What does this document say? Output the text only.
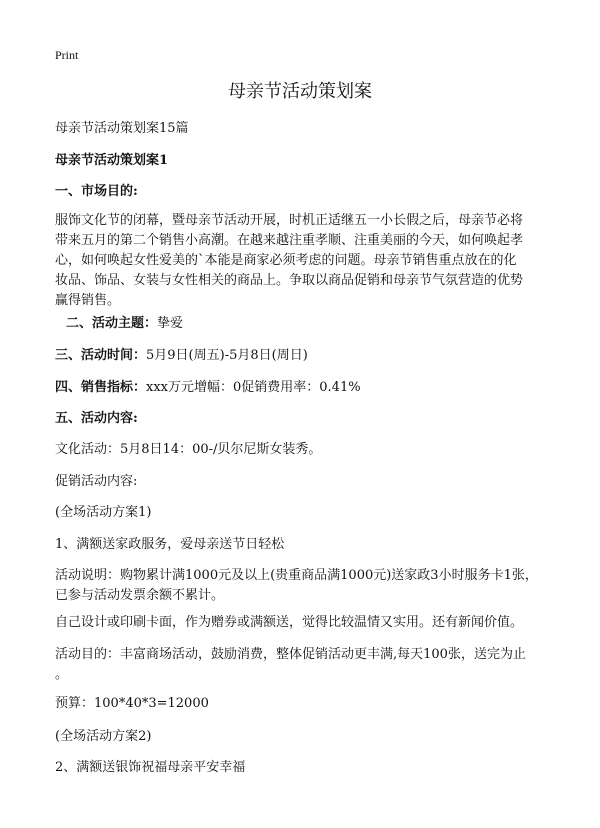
Print

母亲节活动策划案

母亲节活动策划案15篇

母亲节活动策划案1

一、市场目的:

服饰文化节的闭幕，暨母亲节活动开展，时机正适继五一小长假之后，母亲节必将
带来五月的第二个销售小高潮。在越来越注重孝顺、注重美丽的今天，如何唤起孝
心，如何唤起女性爱美的`本能是商家必须考虑的问题。母亲节销售重点放在的化
妆品、饰品、女装与女性相关的商品上。争取以商品促销和母亲节气氛营造的优势
赢得销售。

二、活动主题：挚爱

三、活动时间：5月9日(周五)-5月8日(周日)

四、销售指标：xxx万元增幅：0促销费用率：0.41%

五、活动内容:

文化活动：5月8日14：00-/贝尔尼斯女装秀。

促销活动内容:

(全场活动方案1)

1、满额送家政服务，爱母亲送节日轻松

活动说明：购物累计满1000元及以上(贵重商品满1000元)送家政3小时服务卡1张，
已参与活动发票余额不累计。

自己设计或印刷卡面，作为赠券或满额送，觉得比较温情又实用。还有新闻价值。

活动目的：丰富商场活动，鼓励消费，整体促销活动更丰满,每天100张，送完为止
。

预算：100*40*3=12000

(全场活动方案2)

2、满额送银饰祝福母亲平安幸福
